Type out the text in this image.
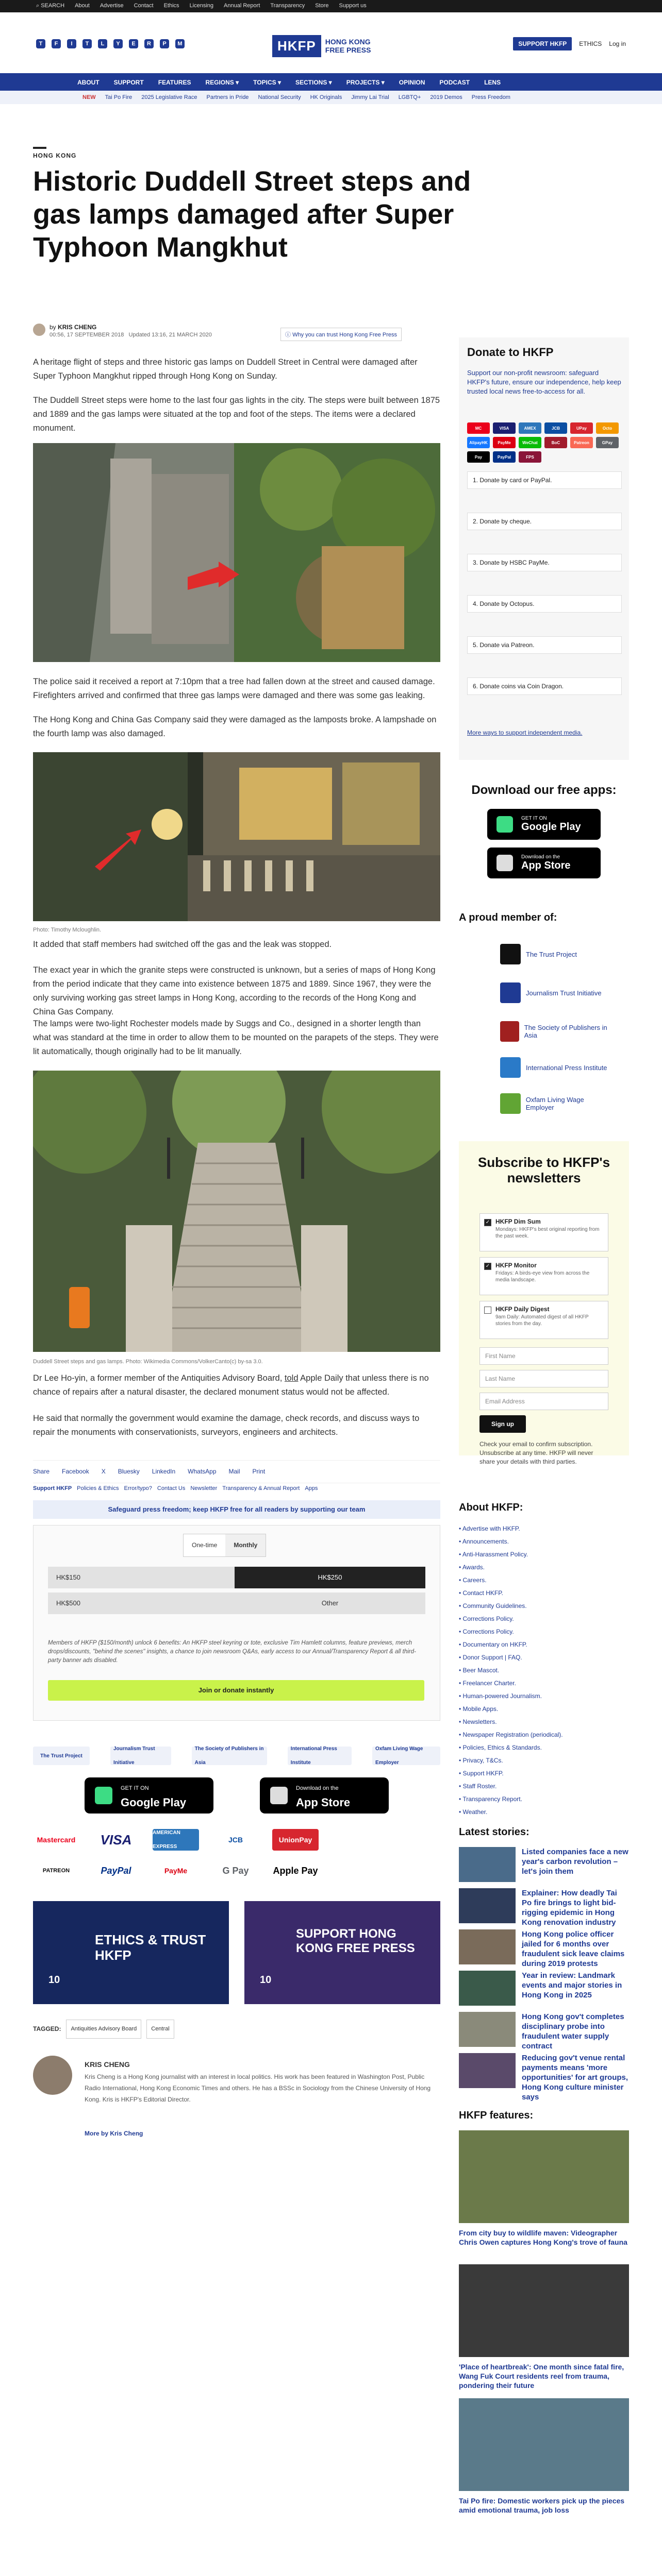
⌕ SEARCH About Advertise Contact Ethics Licensing Annual Report Transparency Store Support us
T	F	I	T	L	Y	E	R	P	M	HKFP	HONG KONG
FREE PRESS
SUPPORT HKFP	ETHICS Log in
ABOUT SUPPORT FEATURES REGIONS ▾ TOPICS ▾ SECTIONS ▾ PROJECTS ▾ OPINION PODCAST LENS
NEW Tai Po Fire 2025 Legislative Race Partners in Pride National Security HK Originals Jimmy Lai Trial LGBTQ+ 2019 Demos Press Freedom
HONG KONG
Historic Duddell Street steps and gas lamps damaged after Super Typhoon Mangkhut
by KRIS CHENG
00:56, 17 SEPTEMBER 2018 Updated 13:16, 21 MARCH 2020	ⓘ Why you can trust Hong Kong Free Press

A heritage flight of steps and three historic gas lamps on Duddell Street in Central were damaged after Super Typhoon Mangkhut ripped through Hong Kong on Sunday.

The Duddell Street steps were home to the last four gas lights in the city. The steps were built between 1875 and 1889 and the gas lamps were situated at the top and foot of the steps. The items were a declared monument.

The police said it received a report at 7:10pm that a tree had fallen down at the street and caused damage. Firefighters arrived and confirmed that three gas lamps were damaged and there was some gas leaking.

The Hong Kong and China Gas Company said they were damaged as the lamposts broke. A lampshade on the fourth lamp was also damaged.

Photo: Timothy Mcloughlin.

It added that staff members had switched off the gas and the leak was stopped.

The exact year in which the granite steps were constructed is unknown, but a series of maps of Hong Kong from the period indicate that they came into existence between 1875 and 1889. Since 1967, they were the only surviving working gas street lamps in Hong Kong, according to the records of the Hong Kong and China Gas Company.

The lamps were two-light Rochester models made by Suggs and Co., designed in a shorter length than what was standard at the time in order to allow them to be mounted on the parapets of the steps. They were lit automatically, though originally had to be lit manually.

Duddell Street steps and gas lamps. Photo: Wikimedia Commons/VolkerCanto(c) by-sa 3.0.

Dr Lee Ho-yin, a former member of the Antiquities Advisory Board, told Apple Daily that unless there is no chance of repairs after a natural disaster, the declared monument status would not be affected.

He said that normally the government would examine the damage, check records, and discuss ways to repair the monuments with conservationists, surveyors, engineers and architects.

Share Facebook X Bluesky LinkedIn WhatsApp Mail Print
Support HKFP Policies & Ethics Error/typo? Contact Us Newsletter Transparency & Annual Report Apps
Safeguard press freedom; keep HKFP free for all readers by supporting our team
One-time	Monthly
HK$150	HK$250
HK$500	Other
Members of HKFP ($150/month) unlock 6 benefits: An HKFP steel keyring or tote, exclusive Tim Hamlett columns, feature previews, merch drops/discounts, "behind the scenes" insights, a chance to join newsroom Q&As, early access to our Annual/Transparency Report & all third-party banner ads disabled.
Join or donate instantly
The Trust Project
Journalism Trust Initiative
The Society of Publishers in Asia
International Press Institute
Oxfam Living Wage Employer
GET IT ON
Google Play
Download on the
App Store
Mastercard	VISA	AMERICAN EXPRESS
JCB	UnionPay
PATREON	PayPal	PayMe	G Pay	Apple Pay
ETHICS & TRUST HKFP
10
SUPPORT HONG KONG FREE PRESS
10
TAGGED:	Antiquities Advisory Board	Central
KRIS CHENG
Kris Cheng is a Hong Kong journalist with an interest in local politics. His work has been featured in Washington Post, Public Radio International, Hong Kong Economic Times and others. He has a BSSc in Sociology from the Chinese University of Hong Kong. Kris is HKFP's Editorial Director.
More by Kris Cheng
Donate to HKFP
Support our non-profit newsroom: safeguard HKFP's future, ensure our independence, help keep trusted local news free-to-access for all.
MC	VISA	AMEX	JCB	UPay	Octo
AlipayHK	PayMe	WeChat	BoC	Patreon	GPay
Pay	PayPal	FPS
1. Donate by card or PayPal.
2. Donate by cheque.
3. Donate by HSBC PayMe.
4. Donate by Octopus.
5. Donate via Patreon.
6. Donate coins via Coin Dragon.
More ways to support independent media.
Download our free apps:
GET IT ON
Google Play
Download on the
App Store
A proud member of:
The Trust Project
Journalism Trust Initiative
The Society of Publishers in Asia
International Press Institute
Oxfam Living Wage Employer
Subscribe to HKFP's newsletters
✓ HKFP Dim Sum
Mondays: HKFP's best original reporting from the past week.
✓ HKFP Monitor
Fridays: A birds-eye view from across the media landscape.
HKFP Daily Digest
9am Daily: Automated digest of all HKFP stories from the day.
First Name
Last Name
Email Address
Sign up
Check your email to confirm subscription. Unsubscribe at any time. HKFP will never share your details with third parties.
About HKFP:
• Advertise with HKFP.
• Announcements.
• Anti-Harassment Policy.
• Awards.
• Careers.
• Contact HKFP.
• Community Guidelines.
• Corrections Policy.
• Corrections Policy.
• Documentary on HKFP.
• Donor Support | FAQ.
• Beer Mascot.
• Freelancer Charter.
• Human-powered Journalism.
• Mobile Apps.
• Newsletters.
• Newspaper Registration (periodical).
• Policies, Ethics & Standards.
• Privacy, T&Cs.
• Support HKFP.
• Staff Roster.
• Transparency Report.
• Weather.
Latest stories:
Listed companies face a new year's carbon revolution – let's join them
Explainer: How deadly Tai Po fire brings to light bid-rigging epidemic in Hong Kong renovation industry
Hong Kong police officer jailed for 6 months over fraudulent sick leave claims during 2019 protests
Year in review: Landmark events and major stories in Hong Kong in 2025
Hong Kong gov't completes disciplinary probe into fraudulent water supply contract
Reducing gov't venue rental payments means 'more opportunities' for art groups, Hong Kong culture minister says
HKFP features:
From city buy to wildlife maven: Videographer Chris Owen captures Hong Kong's trove of fauna
'Place of heartbreak': One month since fatal fire, Wang Fuk Court residents reel from trauma, pondering their future
Tai Po fire: Domestic workers pick up the pieces amid emotional trauma, job loss
